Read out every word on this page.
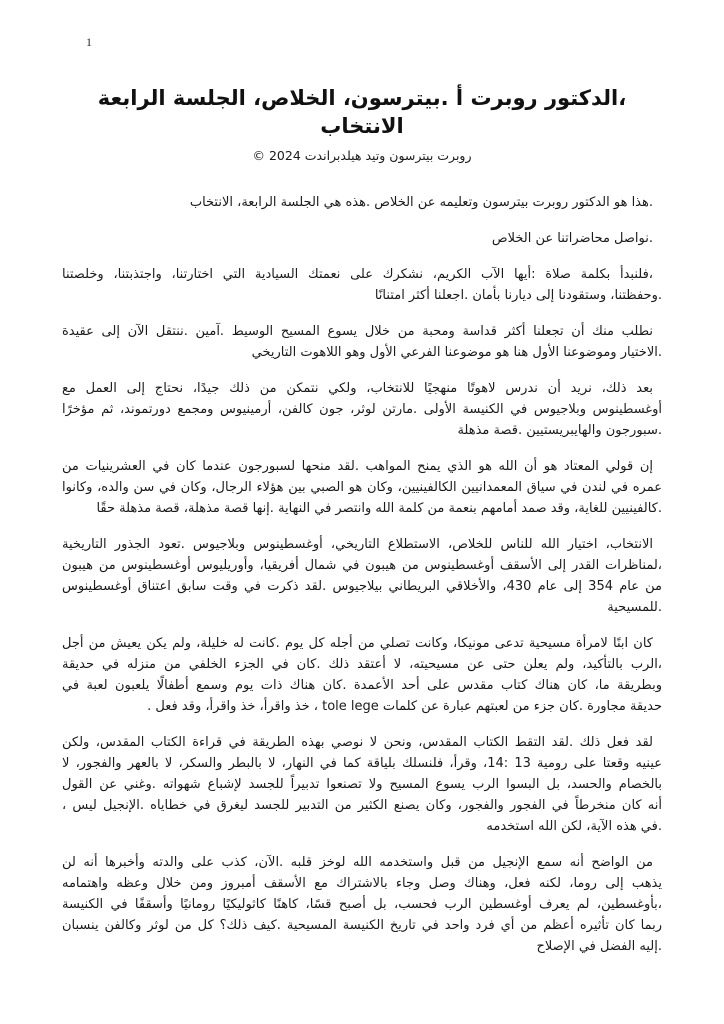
1
،الدكتور روبرت أ .بيترسون، الخلاص، الجلسة الرابعة
الانتخاب
روبرت بيترسون وتيد هيلدبراندت 2024 ©
.هذا هو الدكتور روبرت بيترسون وتعليمه عن الخلاص .هذه هي الجلسة الرابعة، الانتخاب
.نواصل محاضراتنا عن الخلاص
،فلنبدأ بكلمة صلاة :أيها الآب الكريم، نشكرك على نعمتك السيادية التي اختارتنا، واجتذبتنا، وخلصتنا
.وحفظتنا، وستقودنا إلى ديارنا بأمان .اجعلنا أكثر امتنانًا
نطلب منك أن تجعلنا أكثر قداسة ومحبة من خلال يسوع المسيح الوسيط .آمين .ننتقل الآن إلى عقيدة
.الاختيار وموضوعنا الأول هنا هو موضوعنا الفرعي الأول وهو اللاهوت التاريخي
بعد ذلك، نريد أن ندرس لاهوتًا منهجيًا للانتخاب، ولكي نتمكن من ذلك جيدًا، نحتاج إلى العمل مع
أوغسطينوس وبلاجيوس في الكنيسة الأولى .مارتن لوثر، جون كالفن، أرمينيوس ومجمع دورتموند، ثم مؤخرًا
.سبورجون والهايبريستيين .قصة مذهلة
إن قولي المعتاد هو أن الله هو الذي يمنح المواهب .لقد منحها لسبورجون عندما كان في العشرينيات من
عمره في لندن في سياق المعمدانيين الكالفينيين، وكان هو الصبي بين هؤلاء الرجال، وكان في سن والده، وكانوا
.كالفينيين للغاية، وقد صمد أمامهم بنعمة من كلمة الله وانتصر في النهاية .إنها قصة مذهلة، قصة مذهلة حقًا
الانتخاب، اختيار الله للناس للخلاص، الاستطلاع التاريخي، أوغسطينوس وبلاجيوس .تعود الجذور التاريخية
،لمناظرات القدر إلى الأسقف أوغسطينوس من هيبون في شمال أفريقيا، وأوريليوس أوغسطينوس من هيبون
من عام 354 إلى عام 430، والأخلاقي البريطاني بيلاجيوس .لقد ذكرت في وقت سابق اعتناق أوغسطينوس
.للمسيحية
كان ابنًا لامرأة مسيحية تدعى مونيكا، وكانت تصلي من أجله كل يوم .كانت له خليلة، ولم يكن يعيش من أجل
،الرب بالتأكيد، ولم يعلن حتى عن مسيحيته، لا أعتقد ذلك .كان في الجزء الخلفي من منزله في حديقة
وبطريقة ما، كان هناك كتاب مقدس على أحد الأعمدة .كان هناك ذات يوم وسمع أطفالًا يلعبون لعبة في
حديقة مجاورة .كان جزء من لعبتهم عبارة عن كلمات tole lege ، خذ واقرأ، خذ واقرأ، وقد فعل .
لقد فعل ذلك .لقد التقط الكتاب المقدس، ونحن لا نوصي بهذه الطريقة في قراءة الكتاب المقدس، ولكن
عينيه وقعتا على رومية 13 :14، وقرأ، فلنسلك بلياقة كما في النهار، لا بالبطر والسكر، لا بالعهر والفجور، لا
بالخصام والحسد، بل البسوا الرب يسوع المسيح ولا تصنعوا تدبيراً للجسد لإشباع شهواته .وغني عن القول
أنه كان منخرطاً في الفجور والفجور، وكان يصنع الكثير من التدبير للجسد ليغرق في خطاياه .الإنجيل ليس ،
.في هذه الآية، لكن الله استخدمه
من الواضح أنه سمع الإنجيل من قبل واستخدمه الله لوخز قلبه .الآن، كذب على والدته وأخبرها أنه لن
يذهب إلى روما، لكنه فعل، وهناك وصل وجاء بالاشتراك مع الأسقف أمبروز ومن خلال وعظه واهتمامه
،بأوغسطين، لم يعرف أوغسطين الرب فحسب، بل أصبح قسًا، كاهنًا كاثوليكيًا رومانيًا وأسقفًا في الكنيسة
ربما كان تأثيره أعظم من أي فرد واحد في تاريخ الكنيسة المسيحية .كيف ذلك؟ كل من لوثر وكالفن ينسبان
.إليه الفضل في الإصلاح
